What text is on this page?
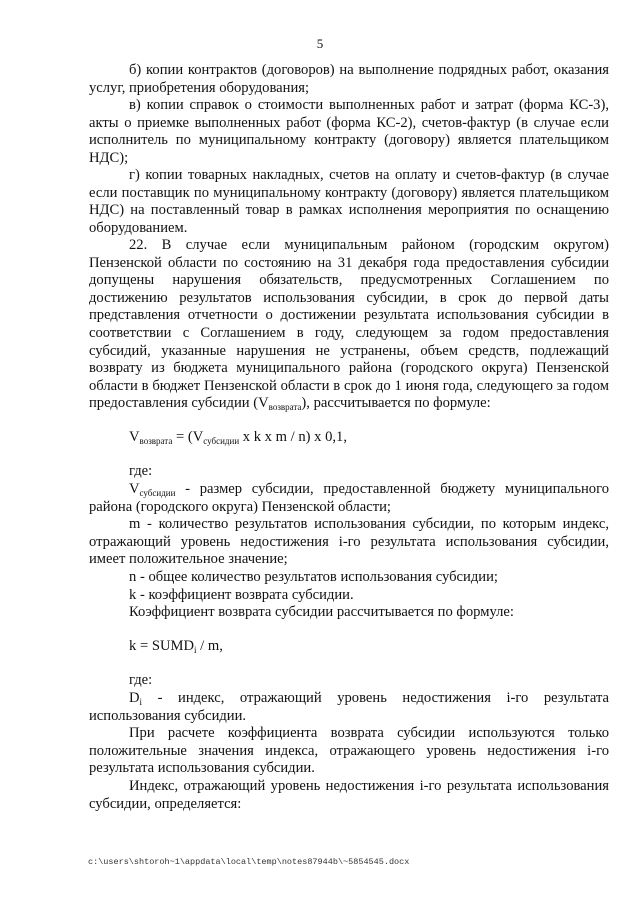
5

б) копии контрактов (договоров) на выполнение подрядных работ, оказания услуг, приобретения оборудования;

в) копии справок о стоимости выполненных работ и затрат (форма КС-3), акты о приемке выполненных работ (форма КС-2), счетов-фактур (в случае если исполнитель по муниципальному контракту (договору) является плательщиком НДС);

г) копии товарных накладных, счетов на оплату и счетов-фактур (в случае если поставщик по муниципальному контракту (договору) является плательщиком НДС) на поставленный товар в рамках исполнения мероприятия по оснащению оборудованием.

22. В случае если муниципальным районом (городским округом) Пензенской области по состоянию на 31 декабря года предоставления субсидии допущены нарушения обязательств, предусмотренных Соглашением по достижению результатов использования субсидии, в срок до первой даты представления отчетности о достижении результата использования субсидии в соответствии с Соглашением в году, следующем за годом предоставления субсидий, указанные нарушения не устранены, объем средств, подлежащий возврату из бюджета муниципального района (городского округа) Пензенской области в бюджет Пензенской области в срок до 1 июня года, следующего за годом предоставления субсидии $(V_{возврата})$, рассчитывается по формуле:

$V_{возврата} = (V_{субсидии}$ x k x m / n) x 0,1,

где:

$V_{субсидии}$ - размер субсидии, предоставленной бюджету муниципального района (городского округа) Пензенской области;

m - количество результатов использования субсидии, по которым индекс, отражающий уровень недостижения i-го результата использования субсидии, имеет положительное значение;

n - общее количество результатов использования субсидии;

k - коэффициент возврата субсидии.

Коэффициент возврата субсидии рассчитывается по формуле:

$k = SUMD_i / m$,

где:

$D_i$ - индекс, отражающий уровень недостижения i-го результата использования субсидии.

При расчете коэффициента возврата субсидии используются только положительные значения индекса, отражающего уровень недостижения i-го результата использования субсидии.

Индекс, отражающий уровень недостижения i-го результата использования субсидии, определяется:

c:\users\shtoroh~1\appdata\local\temp\notes87944b\~5854545.docx
